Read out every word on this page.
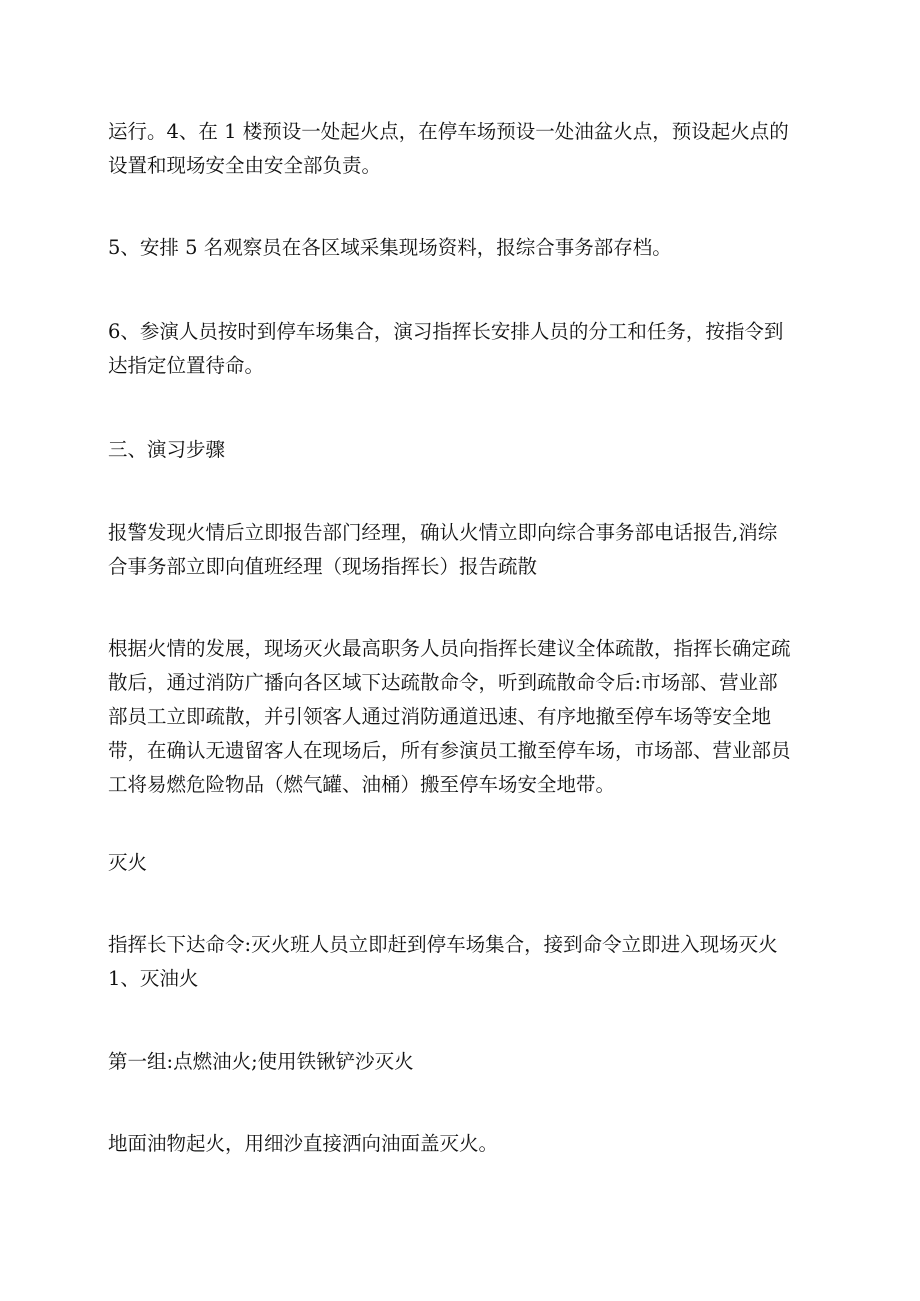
运行。4、在 1 楼预设一处起火点，在停车场预设一处油盆火点，预设起火点的
设置和现场安全由安全部负责。

5、安排 5 名观察员在各区域采集现场资料，报综合事务部存档。

6、参演人员按时到停车场集合，演习指挥长安排人员的分工和任务，按指令到
达指定位置待命。

三、演习步骤

报警发现火情后立即报告部门经理，确认火情立即向综合事务部电话报告,消综
合事务部立即向值班经理（现场指挥长）报告疏散

根据火情的发展，现场灭火最高职务人员向指挥长建议全体疏散，指挥长确定疏
散后，通过消防广播向各区域下达疏散命令，听到疏散命令后:市场部、营业部
部员工立即疏散，并引领客人通过消防通道迅速、有序地撤至停车场等安全地
带，在确认无遗留客人在现场后，所有参演员工撤至停车场，市场部、营业部员
工将易燃危险物品（燃气罐、油桶）搬至停车场安全地带。

灭火

指挥长下达命令:灭火班人员立即赶到停车场集合，接到命令立即进入现场灭火
1、灭油火

第一组:点燃油火;使用铁锹铲沙灭火

地面油物起火，用细沙直接洒向油面盖灭火。
